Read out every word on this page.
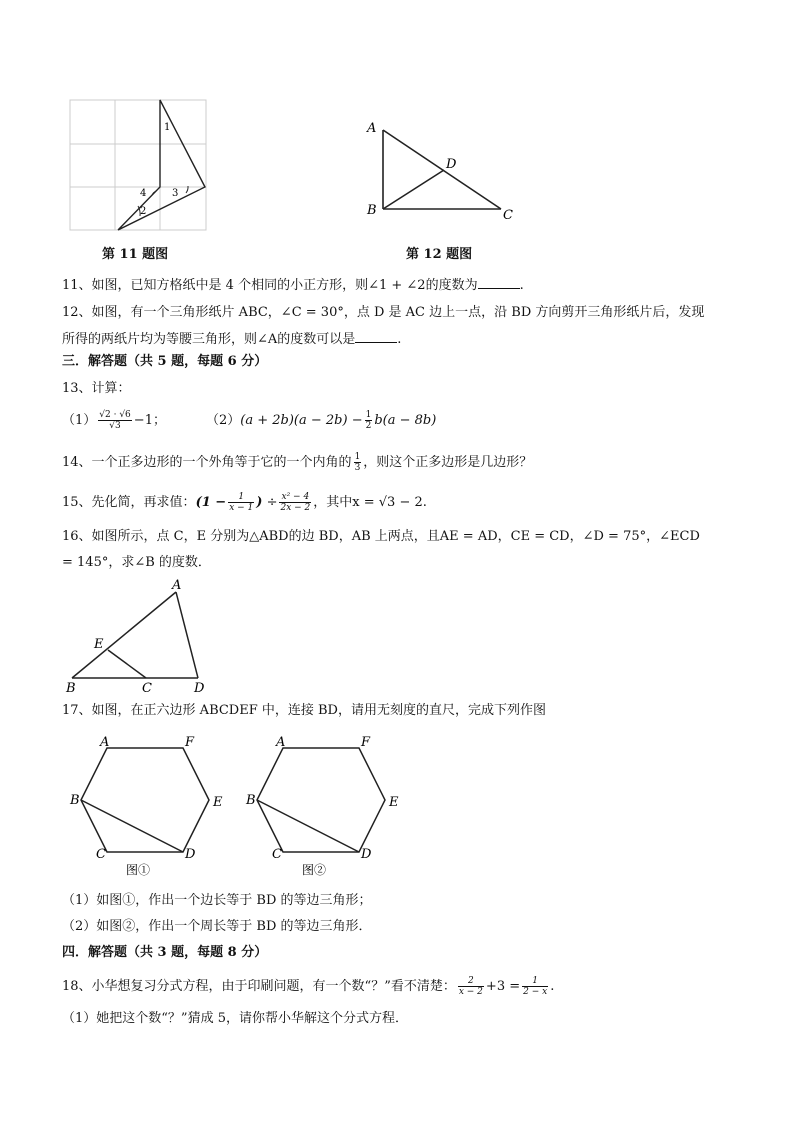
1
2
3
4
第 11 题图
A
D
B	C
第 12 题图
11、如图，已知方格纸中是 4 个相同的小正方形，则∠1 + ∠2的度数为	.
12、如图，有一个三角形纸片 ABC，∠C = 30°，点 D 是 AC 边上一点，沿 BD 方向剪开三角形纸片后，发现
所得的两纸片均为等腰三角形，则∠A的度数可以是	.
三．解答题（共 5 题，每题 6 分）
13、计算：
$(1) \frac{√2 \cdot √6}{√3} -1$；	$(2)(a + 2b)(a - 2b) - \frac{1}{2} b(a - 8b)$
14、一个正多边形的一个外角等于它的一个内角的 $\frac{1}{3}$ ，则这个正多边形是几边形？
15、先化简，再求值：($1 - \frac{1}{x - 1}$ ) ÷ $\frac{\text{x² − 4}}{2x - 2}$ ，其中x = √3 − 2.
16、如图所示，点 C，E 分别为△ABD的边 BD，AB 上两点，且AE = AD，CE = CD，∠D = 75°，∠ECD
= 145°，求∠B 的度数．
A
E
B	C	D
17、如图，在正六边形 ABCDEF 中，连接 BD，请用无刻度的直尺，完成下列作图
A	F
B	E
C	D
图①
A	F
B	E
C	D
图②
（1）如图①，作出一个边长等于 BD 的等边三角形；
（2）如图②，作出一个周长等于 BD 的等边三角形．
四．解答题（共 3 题，每题 8 分）
18、小华想复习分式方程，由于印刷问题，有一个数“？”看不清楚： $\frac{2}{x - 2} +3 = \frac{1}{2 - x}$ .
（1）她把这个数“？”猜成 5，请你帮小华解这个分式方程．
